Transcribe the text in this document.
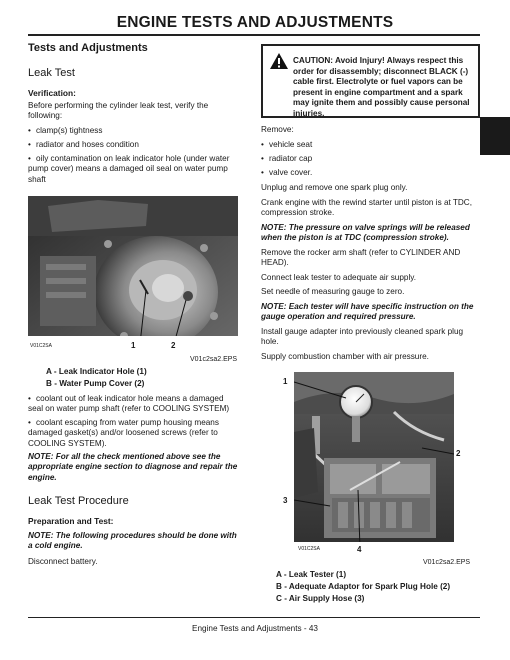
ENGINE TESTS AND ADJUSTMENTS
Tests and Adjustments
Leak Test
Verification:
Before performing the cylinder leak test, verify the
following:
• clamp(s) tightness
• radiator and hoses condition
• oily contamination on leak indicator hole (under water
pump cover) means a damaged oil seal on water pump
shaft
V01C2SA	1	2
V01c2sa2.EPS
A - Leak Indicator Hole (1)
B - Water Pump Cover (2)
• coolant out of leak indicator hole means a damaged
seal on water pump shaft (refer to COOLING SYSTEM)
• coolant escaping from water pump housing means
damaged gasket(s) and/or loosened screws (refer to
COOLING SYSTEM).
NOTE: For all the check mentioned above see the
appropriate engine section to diagnose and repair the
engine.
Leak Test Procedure
Preparation and Test:
NOTE: The following procedures should be done with
a cold engine.
Disconnect battery.
CAUTION: Avoid Injury! Always respect this
order for disassembly; disconnect BLACK (-)
cable first. Electrolyte or fuel vapors can be
present in engine compartment and a spark
may ignite them and possibly cause personal
injuries.
Remove:
• vehicle seat
• radiator cap
• valve cover.
Unplug and remove one spark plug only.
Crank engine with the rewind starter until piston is at TDC,
compression stroke.
NOTE: The pressure on valve springs will be released
when the piston is at TDC (compression stroke).
Remove the rocker arm shaft (refer to CYLINDER AND
HEAD).
Connect leak tester to adequate air supply.
Set needle of measuring gauge to zero.
NOTE: Each tester will have specific instruction on the
gauge operation and required pressure.
Install gauge adapter into previously cleaned spark plug
hole.
Supply combustion chamber with air pressure.
1
2
3
4
V01C2SA
V01c2sa2.EPS
A - Leak Tester (1)
B - Adequate Adaptor for Spark Plug Hole (2)
C - Air Supply Hose (3)
Engine Tests and Adjustments - 43
